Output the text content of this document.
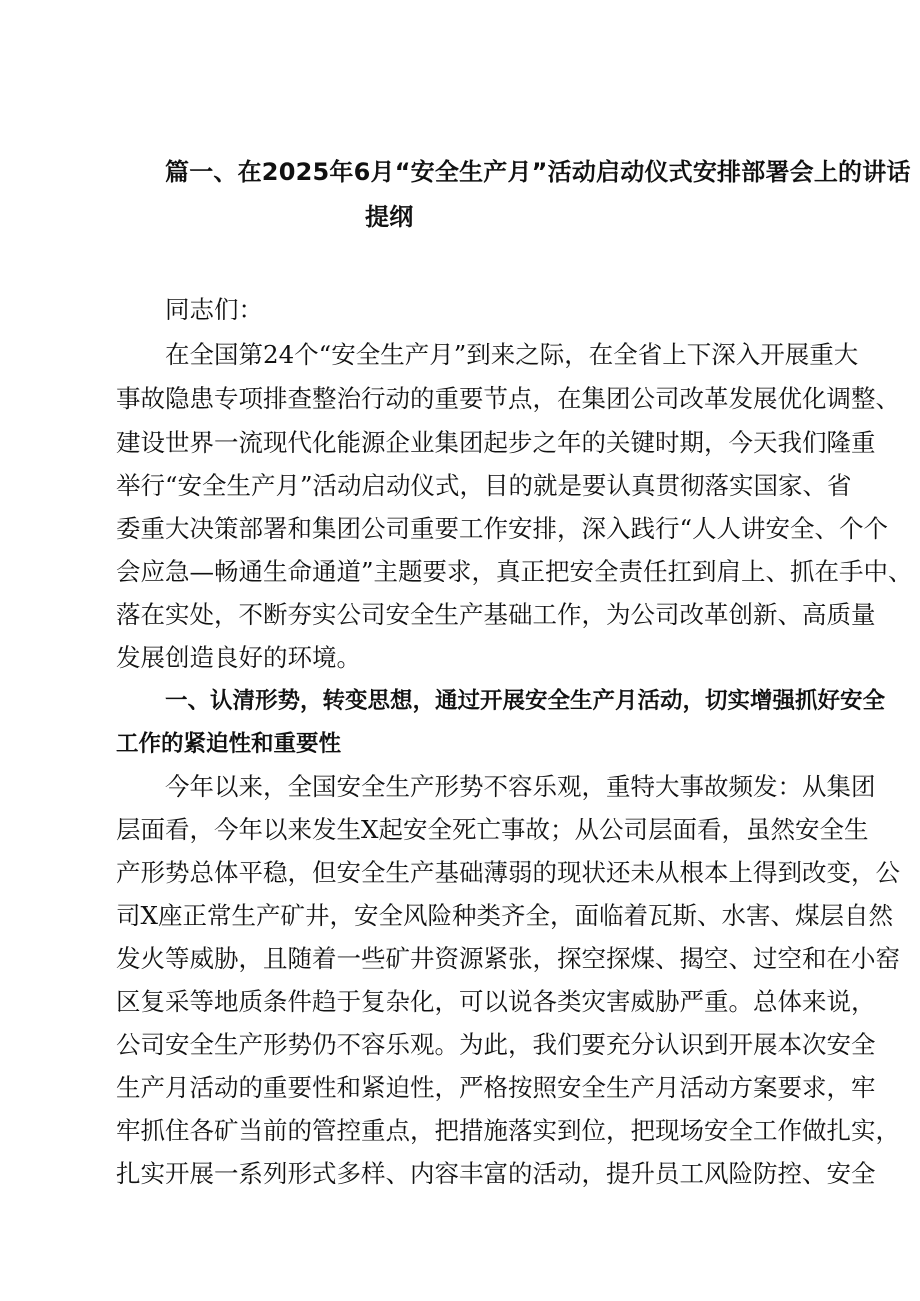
篇一、在2025年6月“安全生产月”活动启动仪式安排部署会上的讲话
提纲
同志们：
在全国第24个“安全生产月”到来之际，在全省上下深入开展重大
事故隐患专项排查整治行动的重要节点，在集团公司改革发展优化调整、
建设世界一流现代化能源企业集团起步之年的关键时期，今天我们隆重
举行“安全生产月”活动启动仪式，目的就是要认真贯彻落实国家、省
委重大决策部署和集团公司重要工作安排，深入践行“人人讲安全、个个
会应急—畅通生命通道”主题要求，真正把安全责任扛到肩上、抓在手中、
落在实处，不断夯实公司安全生产基础工作，为公司改革创新、高质量
发展创造良好的环境。
一、认清形势，转变思想，通过开展安全生产月活动，切实增强抓好安全
工作的紧迫性和重要性
今年以来，全国安全生产形势不容乐观，重特大事故频发：从集团
层面看，今年以来发生X起安全死亡事故；从公司层面看，虽然安全生
产形势总体平稳，但安全生产基础薄弱的现状还未从根本上得到改变，公
司X座正常生产矿井，安全风险种类齐全，面临着瓦斯、水害、煤层自然
发火等威胁，且随着一些矿井资源紧张，探空探煤、揭空、过空和在小窑
区复采等地质条件趋于复杂化，可以说各类灾害威胁严重。总体来说，
公司安全生产形势仍不容乐观。为此，我们要充分认识到开展本次安全
生产月活动的重要性和紧迫性，严格按照安全生产月活动方案要求，牢
牢抓住各矿当前的管控重点，把措施落实到位，把现场安全工作做扎实，
扎实开展一系列形式多样、内容丰富的活动，提升员工风险防控、安全
